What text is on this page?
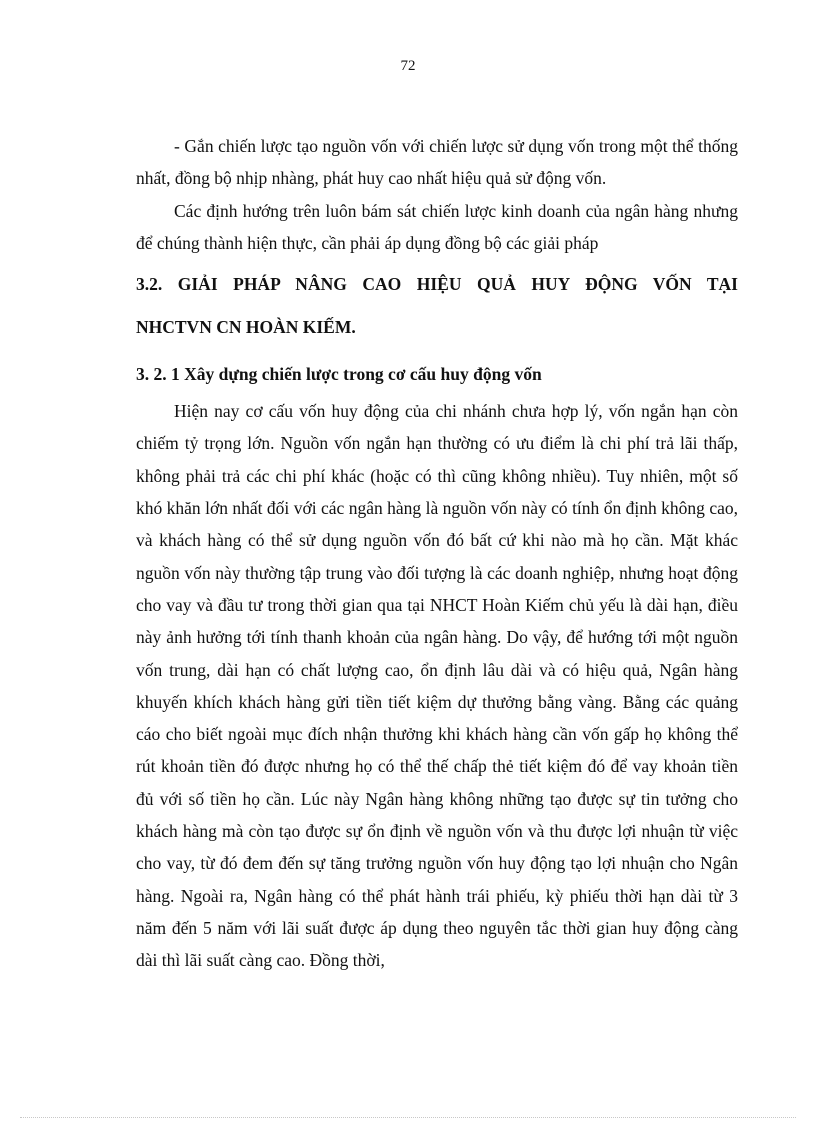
72

- Gắn chiến lược tạo nguồn vốn với chiến lược sử dụng vốn trong một thể thống nhất, đồng bộ nhịp nhàng, phát huy cao nhất hiệu quả sử động vốn.

Các định hướng trên luôn bám sát chiến lược kinh doanh của ngân hàng nhưng để chúng thành hiện thực, cần phải áp dụng đồng bộ các giải pháp

3.2. GIẢI PHÁP NÂNG CAO HIỆU QUẢ HUY ĐỘNG VỐN TẠI
NHCTVN CN HOÀN KIẾM.
3. 2. 1 Xây dựng chiến lược trong cơ cấu huy động vốn

Hiện nay cơ cấu vốn huy động của chi nhánh chưa hợp lý, vốn ngắn hạn còn chiếm tỷ trọng lớn. Nguồn vốn ngắn hạn thường có ưu điểm là chi phí trả lãi thấp, không phải trả các chi phí khác (hoặc có thì cũng không nhiều). Tuy nhiên, một số khó khăn lớn nhất đối với các ngân hàng là nguồn vốn này có tính ổn định không cao, và khách hàng có thể sử dụng nguồn vốn đó bất cứ khi nào mà họ cần. Mặt khác nguồn vốn này thường tập trung vào đối tượng là các doanh nghiệp, nhưng hoạt động cho vay và đầu tư trong thời gian qua tại NHCT Hoàn Kiếm chủ yếu là dài hạn, điều này ảnh hưởng tới tính thanh khoản của ngân hàng. Do vậy, để hướng tới một nguồn vốn trung, dài hạn có chất lượng cao, ổn định lâu dài và có hiệu quả, Ngân hàng khuyến khích khách hàng gửi tiền tiết kiệm dự thưởng bằng vàng. Bằng các quảng cáo cho biết ngoài mục đích nhận thưởng khi khách hàng cần vốn gấp họ không thể rút khoản tiền đó được nhưng họ có thể thế chấp thẻ tiết kiệm đó để vay khoản tiền đủ với số tiền họ cần. Lúc này Ngân hàng không những tạo được sự tin tưởng cho khách hàng mà còn tạo được sự ổn định về nguồn vốn và thu được lợi nhuận từ việc cho vay, từ đó đem đến sự tăng trưởng nguồn vốn huy động tạo lợi nhuận cho Ngân hàng. Ngoài ra, Ngân hàng có thể phát hành trái phiếu, kỳ phiếu thời hạn dài từ 3 năm đến 5 năm với lãi suất được áp dụng theo nguyên tắc thời gian huy động càng dài thì lãi suất càng cao. Đồng thời,
